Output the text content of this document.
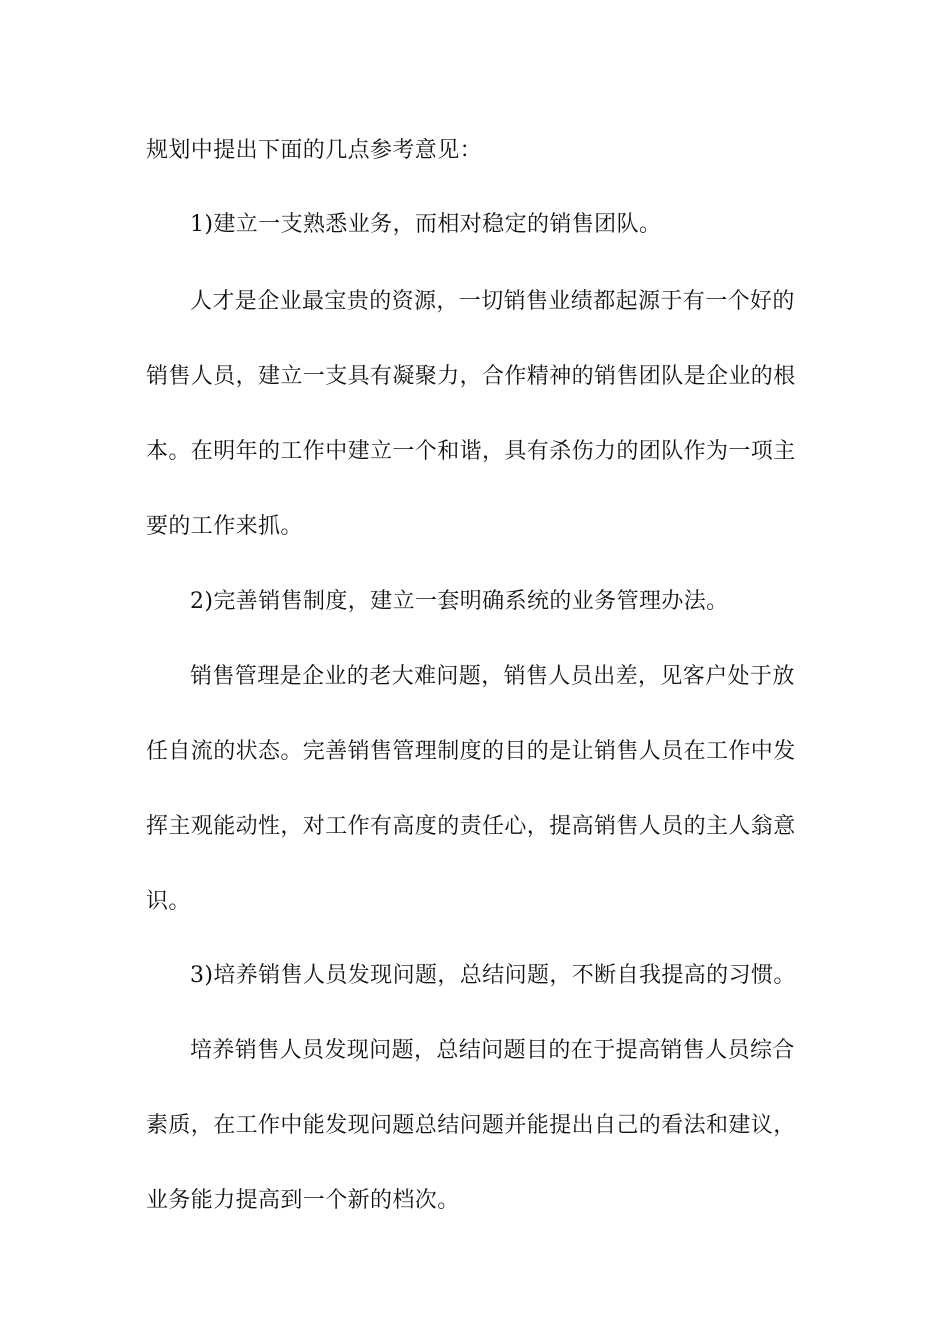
规划中提出下面的几点参考意见：
1)建立一支熟悉业务，而相对稳定的销售团队。
人才是企业最宝贵的资源，一切销售业绩都起源于有一个好的
销售人员，建立一支具有凝聚力，合作精神的销售团队是企业的根
本。在明年的工作中建立一个和谐，具有杀伤力的团队作为一项主
要的工作来抓。
2)完善销售制度，建立一套明确系统的业务管理办法。
销售管理是企业的老大难问题，销售人员出差，见客户处于放
任自流的状态。完善销售管理制度的目的是让销售人员在工作中发
挥主观能动性，对工作有高度的责任心，提高销售人员的主人翁意
识。
3)培养销售人员发现问题，总结问题，不断自我提高的习惯。
培养销售人员发现问题，总结问题目的在于提高销售人员综合
素质，在工作中能发现问题总结问题并能提出自己的看法和建议，
业务能力提高到一个新的档次。
